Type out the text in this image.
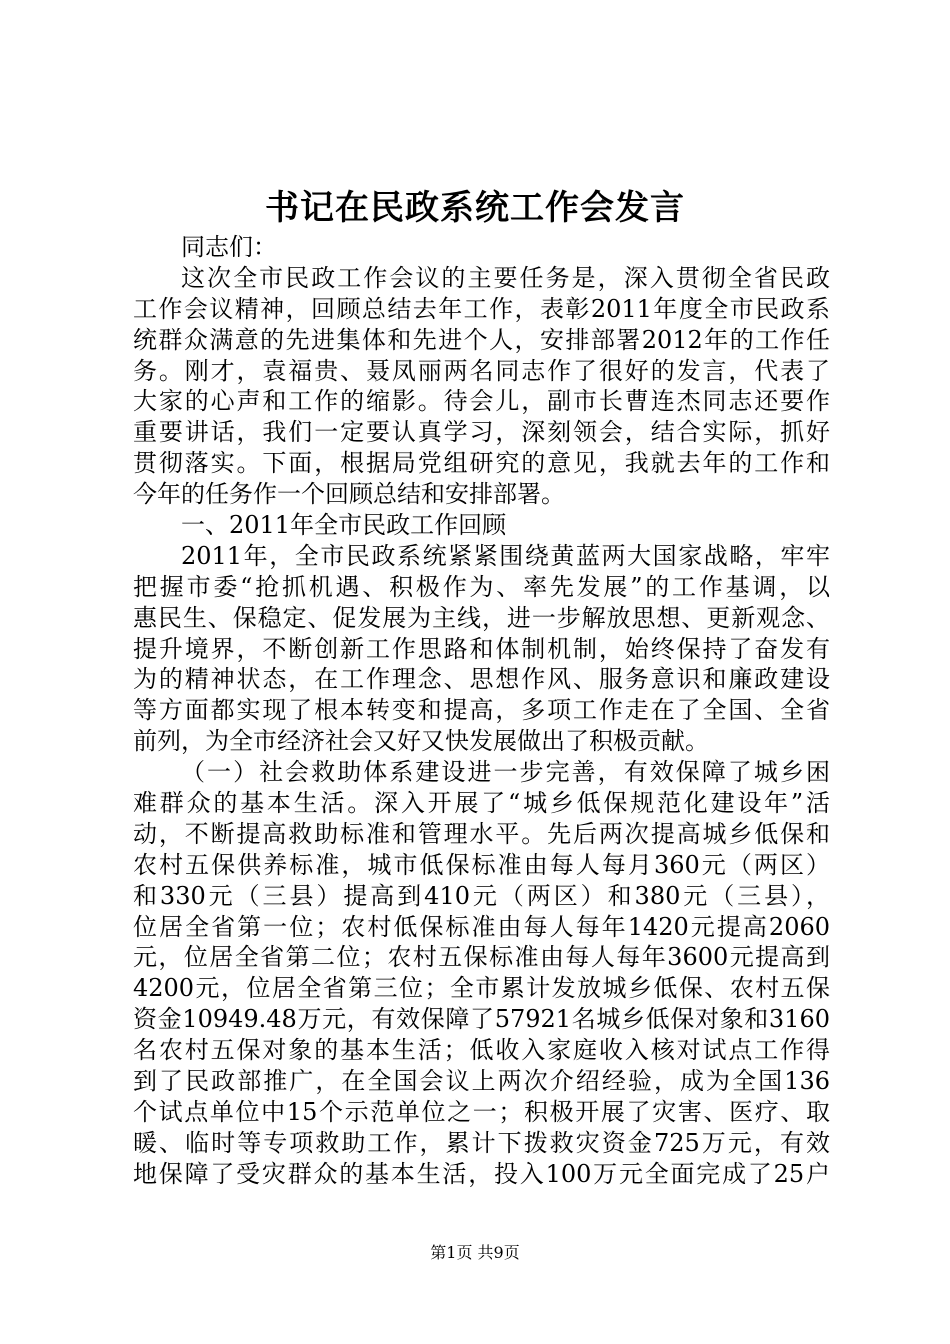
书记在民政系统工作会发言
同志们：
这次全市民政工作会议的主要任务是，深入贯彻全省民政
工作会议精神，回顾总结去年工作，表彰2011年度全市民政系
统群众满意的先进集体和先进个人，安排部署2012年的工作任
务。刚才，袁福贵、聂凤丽两名同志作了很好的发言，代表了
大家的心声和工作的缩影。待会儿，副市长曹连杰同志还要作
重要讲话，我们一定要认真学习，深刻领会，结合实际，抓好
贯彻落实。下面，根据局党组研究的意见，我就去年的工作和
今年的任务作一个回顾总结和安排部署。
一、2011年全市民政工作回顾
2011年，全市民政系统紧紧围绕黄蓝两大国家战略，牢牢
把握市委“抢抓机遇、积极作为、率先发展”的工作基调，以
惠民生、保稳定、促发展为主线，进一步解放思想、更新观念、
提升境界，不断创新工作思路和体制机制，始终保持了奋发有
为的精神状态，在工作理念、思想作风、服务意识和廉政建设
等方面都实现了根本转变和提高，多项工作走在了全国、全省
前列，为全市经济社会又好又快发展做出了积极贡献。
（一）社会救助体系建设进一步完善，有效保障了城乡困
难群众的基本生活。深入开展了“城乡低保规范化建设年”活
动，不断提高救助标准和管理水平。先后两次提高城乡低保和
农村五保供养标准，城市低保标准由每人每月360元（两区）
和330元（三县）提高到410元（两区）和380元（三县），
位居全省第一位；农村低保标准由每人每年1420元提高2060
元，位居全省第二位；农村五保标准由每人每年3600元提高到
4200元，位居全省第三位；全市累计发放城乡低保、农村五保
资金10949.48万元，有效保障了57921名城乡低保对象和3160
名农村五保对象的基本生活；低收入家庭收入核对试点工作得
到了民政部推广，在全国会议上两次介绍经验，成为全国136
个试点单位中15个示范单位之一；积极开展了灾害、医疗、取
暖、临时等专项救助工作，累计下拨救灾资金725万元，有效
地保障了受灾群众的基本生活，投入100万元全面完成了25户
第1页 共9页
